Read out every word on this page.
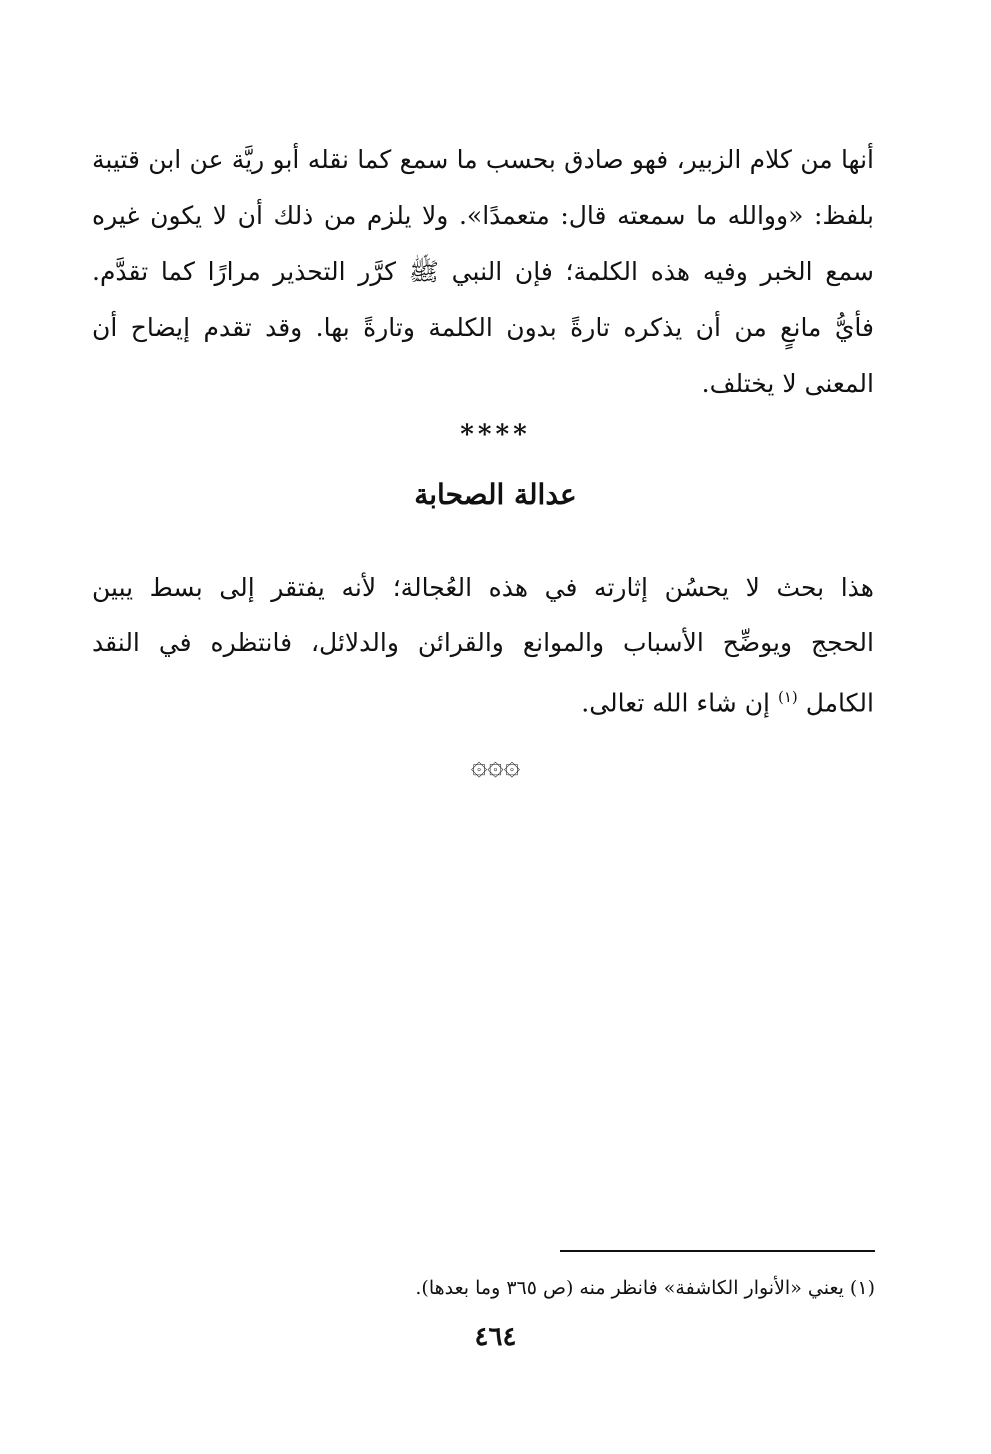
أنها من كلام الزبير، فهو صادق بحسب ما سمع كما نقله أبو ريَّة عن ابن قتيبة
بلفظ: «ووالله ما سمعته قال: متعمدًا». ولا يلزم من ذلك أن لا يكون غيره
سمع الخبر وفيه هذه الكلمة؛ فإن النبي ﷺ كرَّر التحذير مرارًا كما تقدَّم.
فأيُّ مانعٍ من أن يذكره تارةً بدون الكلمة وتارةً بها. وقد تقدم إيضاح أن
المعنى لا يختلف.
****
عدالة الصحابة
هذا بحث لا يحسُن إثارته في هذه العُجالة؛ لأنه يفتقر إلى بسط يبين
الحجج ويوضِّح الأسباب والموانع والقرائن والدلائل، فانتظره في النقد
الكامل $^{(١)}$ إن شاء الله تعالى.
۞۞۞
(١) يعني «الأنوار الكاشفة» فانظر منه (ص ٣٦٥ وما بعدها).
٤٦٤
